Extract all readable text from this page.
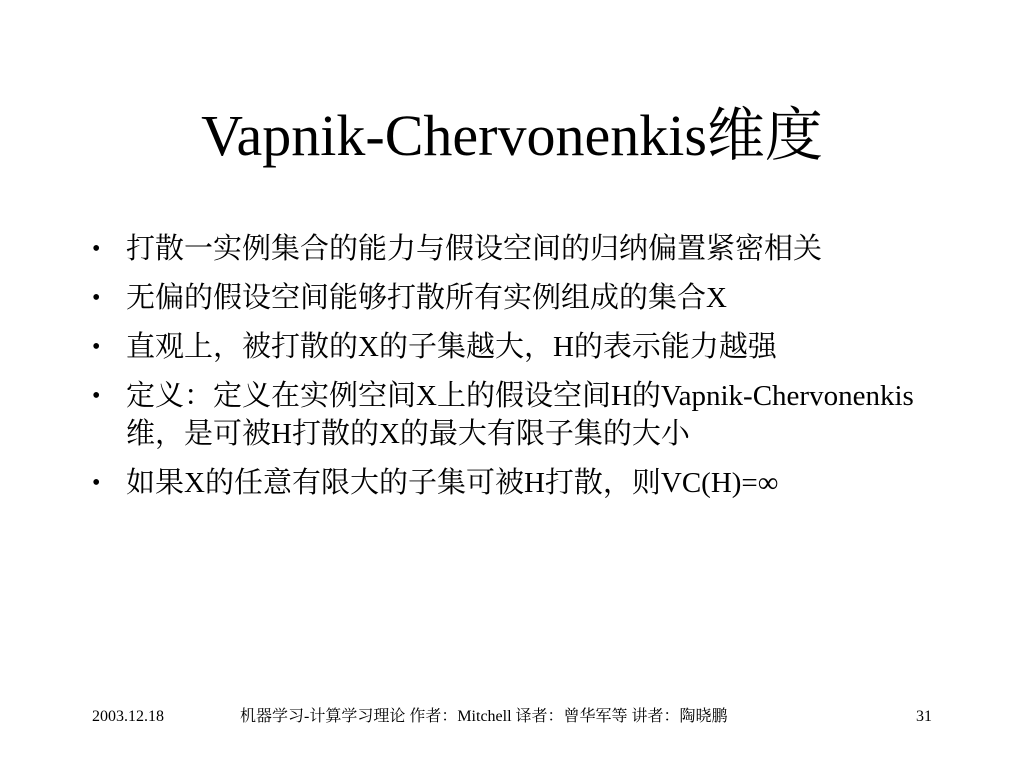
Vapnik-Chervonenkis维度
• 打散一实例集合的能力与假设空间的归纳偏置紧密相关
• 无偏的假设空间能够打散所有实例组成的集合X
• 直观上，被打散的X的子集越大，H的表示能力越强
• 定义：定义在实例空间X上的假设空间H的Vapnik-Chervonenkis维，是可被H打散的X的最大有限子集的大小
• 如果X的任意有限大的子集可被H打散，则VC(H)=∞
2003.12.18	机器学习-计算学习理论 作者：Mitchell 译者：曾华军等 讲者：陶晓鹏	31
